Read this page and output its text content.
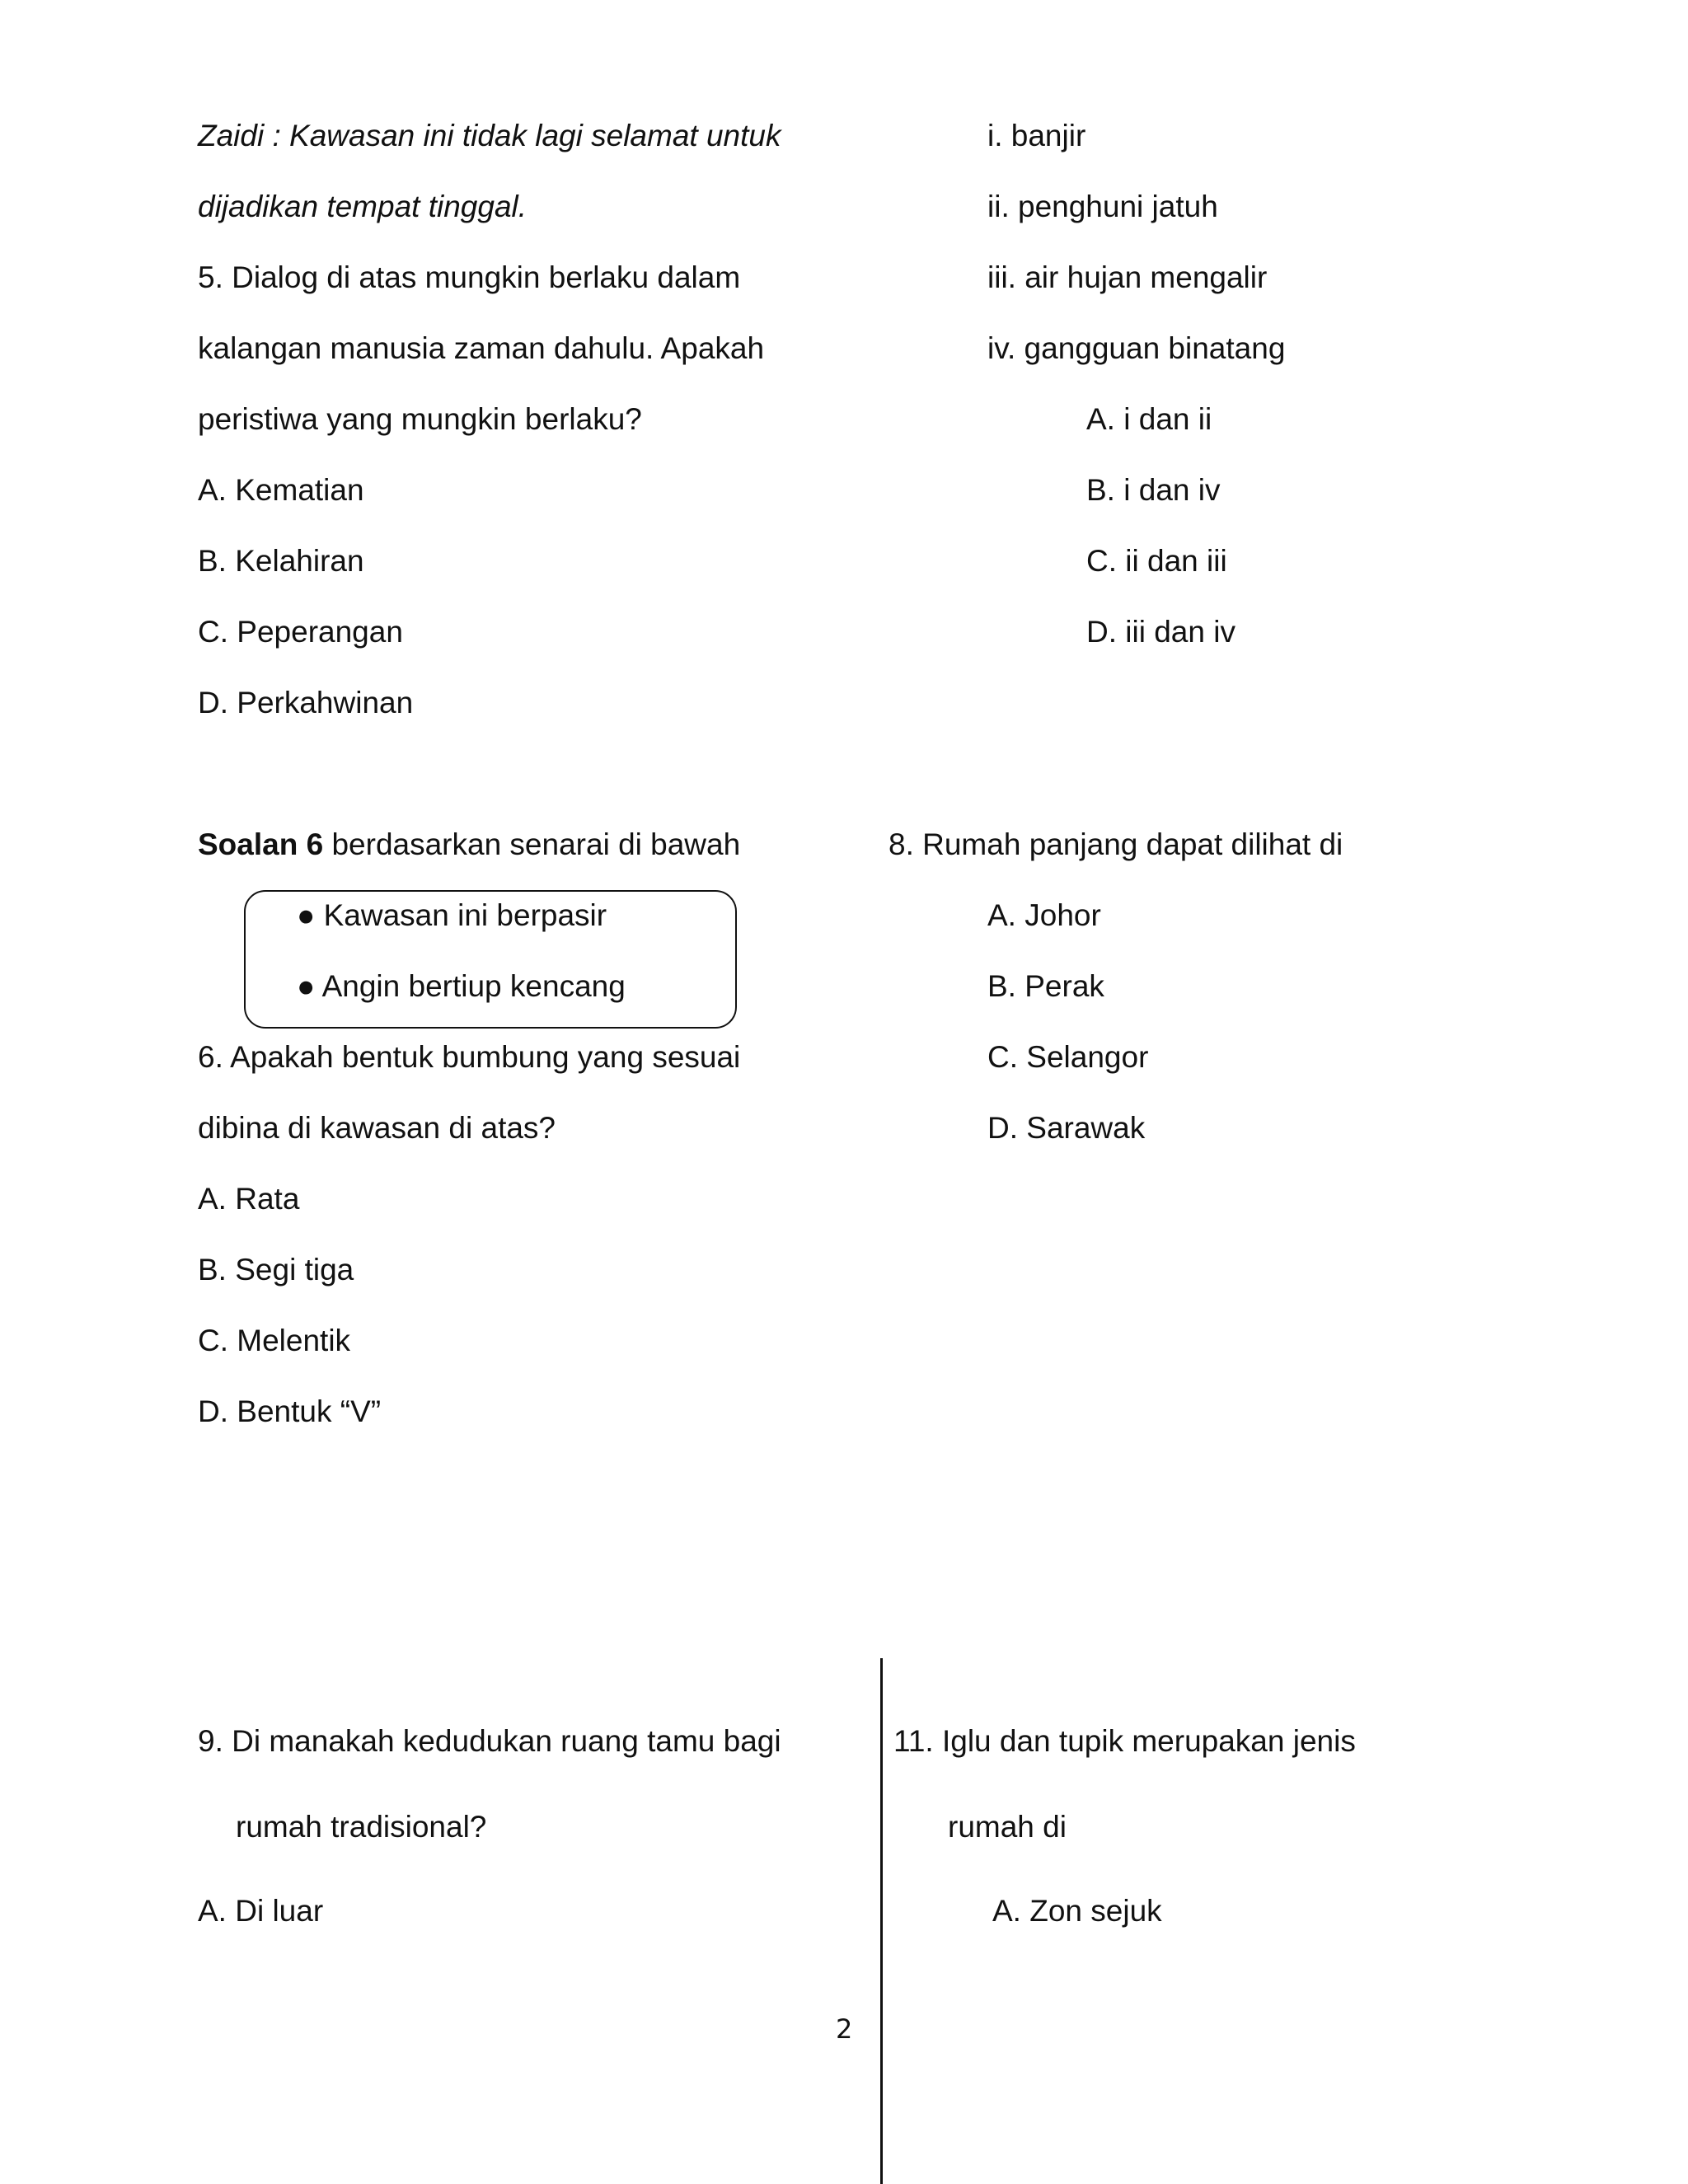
Zaidi : Kawasan ini tidak lagi selamat untuk
dijadikan tempat tinggal.
5. Dialog di atas mungkin berlaku dalam
kalangan manusia zaman dahulu. Apakah
peristiwa yang mungkin berlaku?
A. Kematian
B. Kelahiran
C. Peperangan
D. Perkahwinan
i. banjir
ii. penghuni jatuh
iii. air hujan mengalir
iv. gangguan binatang
A. i dan ii
B. i dan iv
C. ii dan iii
D. iii dan iv
Soalan 6 berdasarkan senarai di bawah
● Kawasan ini berpasir
● Angin bertiup kencang
6. Apakah bentuk bumbung yang sesuai
dibina di kawasan di atas?
A. Rata
B. Segi tiga
C. Melentik
D. Bentuk “V”
8. Rumah panjang dapat dilihat di
A. Johor
B. Perak
C. Selangor
D. Sarawak
9. Di manakah kedudukan ruang tamu bagi
rumah tradisional?
A. Di luar
11. Iglu dan tupik merupakan jenis
rumah di
A. Zon sejuk
2
